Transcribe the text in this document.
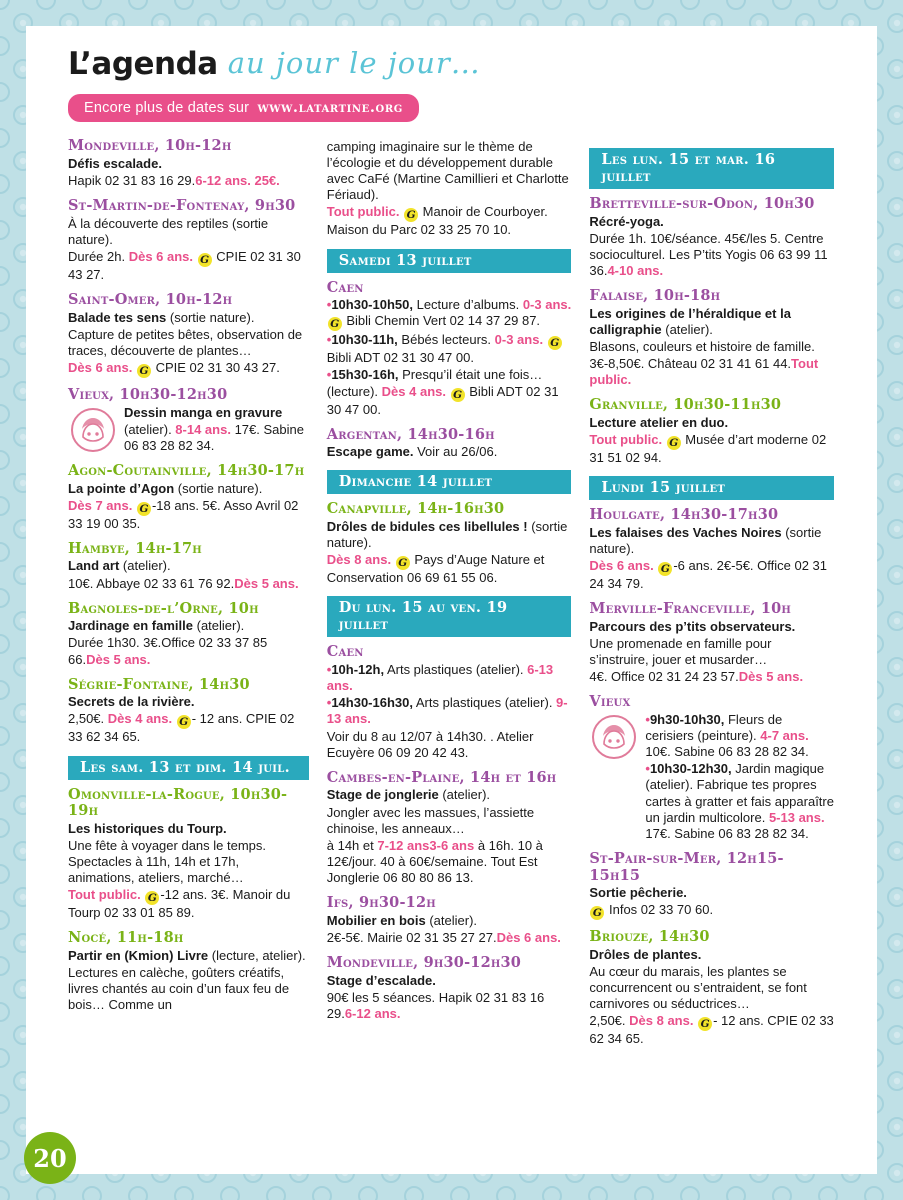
L’agenda au jour le jour…
Encore plus de dates sur www.latartine.org
Mondeville, 10h-12h
Défis escalade.
Hapik 02 31 83 16 29.6-12 ans. 25€.
St-Martin-de-Fontenay, 9h30
À la découverte des reptiles (sortie nature).
Durée 2h. Dès 6 ans. G CPIE 02 31 30 43 27.
Saint-Omer, 10h-12h
Balade tes sens (sortie nature).
Capture de petites bêtes, observation de traces, découverte de plantes…
Dès 6 ans. G CPIE 02 31 30 43 27.
Vieux, 10h30-12h30
Dessin manga en gravure
(atelier). 8-14 ans. 17€. Sabine 06 83 28 82 34.
Agon-Coutainville, 14h30-17h
La pointe d’Agon (sortie nature).
Dès 7 ans. G -18 ans. 5€. Asso Avril 02 33 19 00 35.
Hambye, 14h-17h
Land art (atelier).
10€. Abbaye 02 33 61 76 92.Dès 5 ans.
Bagnoles-de-l’Orne, 10h
Jardinage en famille (atelier).
Durée 1h30. 3€.Office 02 33 37 85 66.Dès 5 ans.
Ségrie-Fontaine, 14h30
Secrets de la rivière.
2,50€. Dès 4 ans. G - 12 ans. CPIE 02 33 62 34 65.
Les sam. 13 et dim. 14 juil.
Omonville-la-Rogue, 10h30-19h
Les historiques du Tourp.
Une fête à voyager dans le temps. Spectacles à 11h, 14h et 17h, animations, ateliers, marché…
Tout public. G -12 ans. 3€. Manoir du Tourp 02 33 01 85 89.
Nocé, 11h-18h
Partir en (Kmion) Livre (lecture, atelier).
Lectures en calèche, goûters créatifs, livres chantés au coin d’un faux feu de bois… Comme un
camping imaginaire sur le thème de l’écologie et du développement durable avec CaFé (Martine Camillieri et Charlotte Fériaud).
Tout public. G Manoir de Courboyer. Maison du Parc 02 33 25 70 10.
Samedi 13 juillet
Caen
•10h30-10h50, Lecture d’albums. 0-3 ans. G Bibli Chemin Vert 02 14 37 29 87.
•10h30-11h, Bébés lecteurs. 0-3 ans. G Bibli ADT 02 31 30 47 00.
•15h30-16h, Presqu’il était une fois… (lecture). Dès 4 ans. G Bibli ADT 02 31 30 47 00.
Argentan, 14h30-16h
Escape game. Voir au 26/06.
Dimanche 14 juillet
Canapville, 14h-16h30
Drôles de bidules ces libellules ! (sortie nature).
Dès 8 ans. G Pays d’Auge Nature et Conservation 06 69 61 55 06.
Du lun. 15 au ven. 19 juillet
Caen
•10h-12h, Arts plastiques (atelier). 6-13 ans.
•14h30-16h30, Arts plastiques (atelier). 9-13 ans.
Voir du 8 au 12/07 à 14h30. . Atelier Ecuyère 06 09 20 42 43.
Cambes-en-Plaine, 14h et 16h
Stage de jonglerie (atelier).
Jongler avec les massues, l’assiette chinoise, les anneaux…
à 14h et 7-12 ans3-6 ans à 16h. 10 à 12€/jour. 40 à 60€/semaine. Tout Est Jonglerie 06 80 80 86 13.
Ifs, 9h30-12h
Mobilier en bois (atelier).
2€-5€. Mairie 02 31 35 27 27.Dès 6 ans.
Mondeville, 9h30-12h30
Stage d’escalade.
90€ les 5 séances. Hapik 02 31 83 16 29.6-12 ans.
Les lun. 15 et mar. 16 juillet
Bretteville-sur-Odon, 10h30
Récré-yoga.
Durée 1h. 10€/séance. 45€/les 5. Centre socioculturel. Les P’tits Yogis 06 63 99 11 36.4-10 ans.
Falaise, 10h-18h
Les origines de l’héraldique et la calligraphie (atelier).
Blasons, couleurs et histoire de famille.
3€-8,50€. Château 02 31 41 61 44.Tout public.
Granville, 10h30-11h30
Lecture atelier en duo.
Tout public. G Musée d’art moderne 02 31 51 02 94.
Lundi 15 juillet
Houlgate, 14h30-17h30
Les falaises des Vaches Noires (sortie nature).
Dès 6 ans. G -6 ans. 2€-5€. Office 02 31 24 34 79.
Merville-Franceville, 10h
Parcours des p’tits observateurs.
Une promenade en famille pour s’instruire, jouer et musarder…
4€. Office 02 31 24 23 57.Dès 5 ans.
Vieux
•9h30-10h30, Fleurs de cerisiers (peinture). 4-7 ans. 10€. Sabine 06 83 28 82 34.
•10h30-12h30, Jardin magique (atelier). Fabrique tes propres cartes à gratter et fais apparaître un jardin multicolore. 5-13 ans. 17€. Sabine 06 83 28 82 34.
St-Pair-sur-Mer, 12h15-15h15
Sortie pêcherie.
G Infos 02 33 70 60.
Briouze, 14h30
Drôles de plantes.
Au cœur du marais, les plantes se concurrencent ou s’entraident, se font carnivores ou séductrices…
2,50€. Dès 8 ans. G - 12 ans. CPIE 02 33 62 34 65.
20
